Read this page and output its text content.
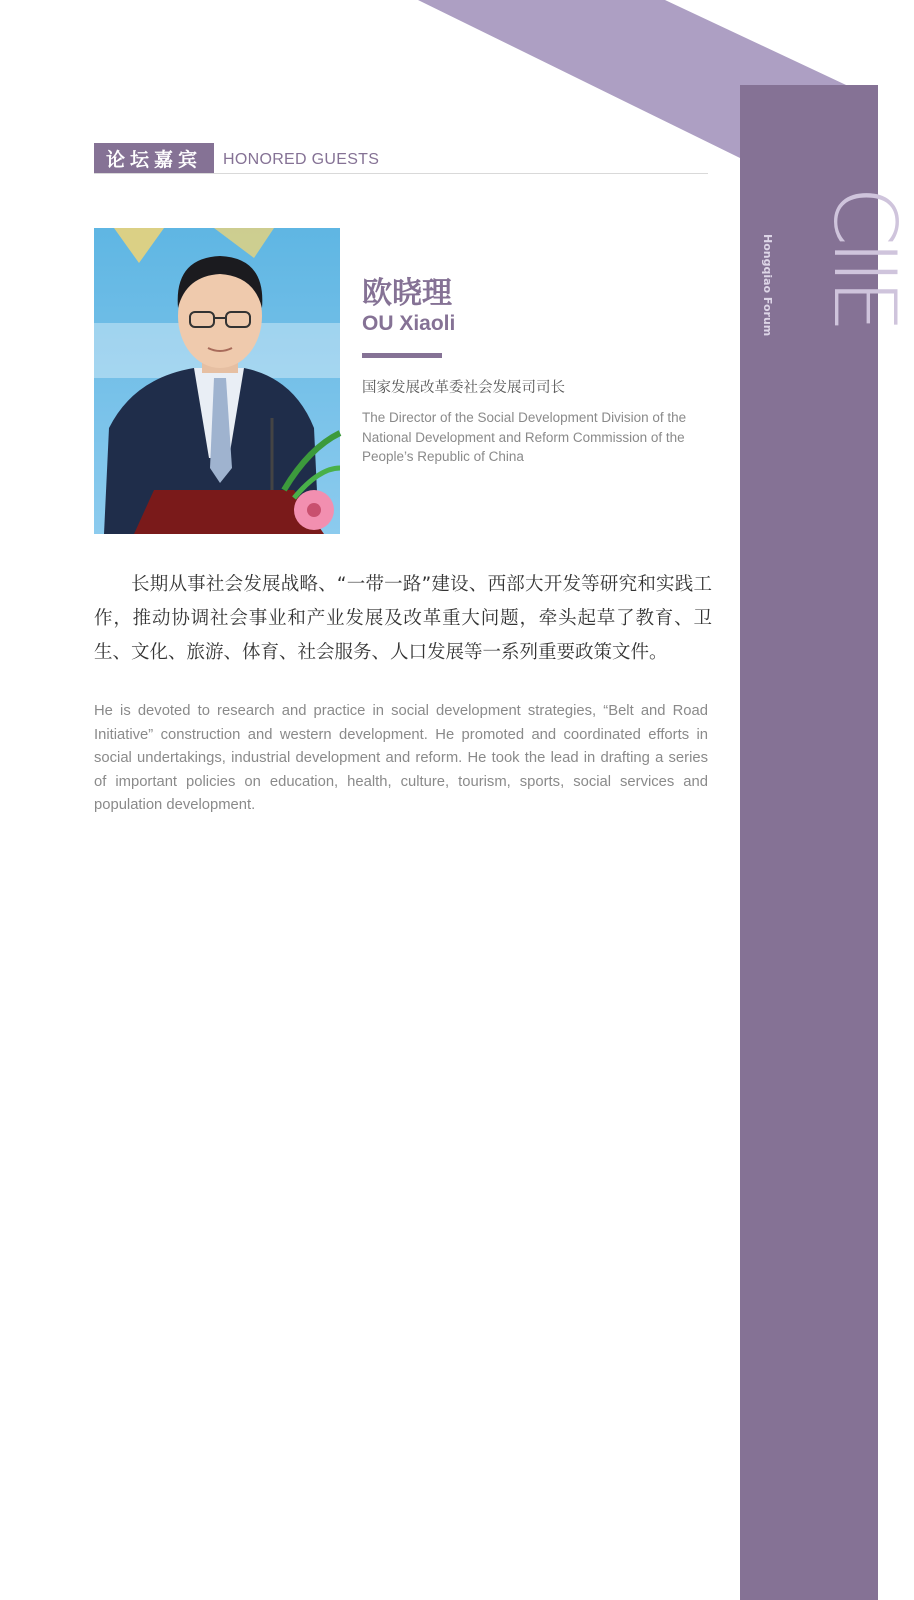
CIIE
Hongqiao Forum
论坛嘉宾	HONORED GUESTS
欧晓理
OU Xiaoli
国家发展改革委社会发展司司长
The Director of the Social Development Division of the National Development and Reform Commission of the People’s Republic of China
长期从事社会发展战略、“一带一路”建设、西部大开发等研究和实践工作，推动协调社会事业和产业发展及改革重大问题，牵头起草了教育、卫生、文化、旅游、体育、社会服务、人口发展等一系列重要政策文件。
He is devoted to research and practice in social development strategies, “Belt and Road Initiative” construction and western development. He promoted and coordinated efforts in social undertakings, industrial development and reform. He took the lead in drafting a series of important policies on education, health, culture, tourism, sports, social services and population development.
